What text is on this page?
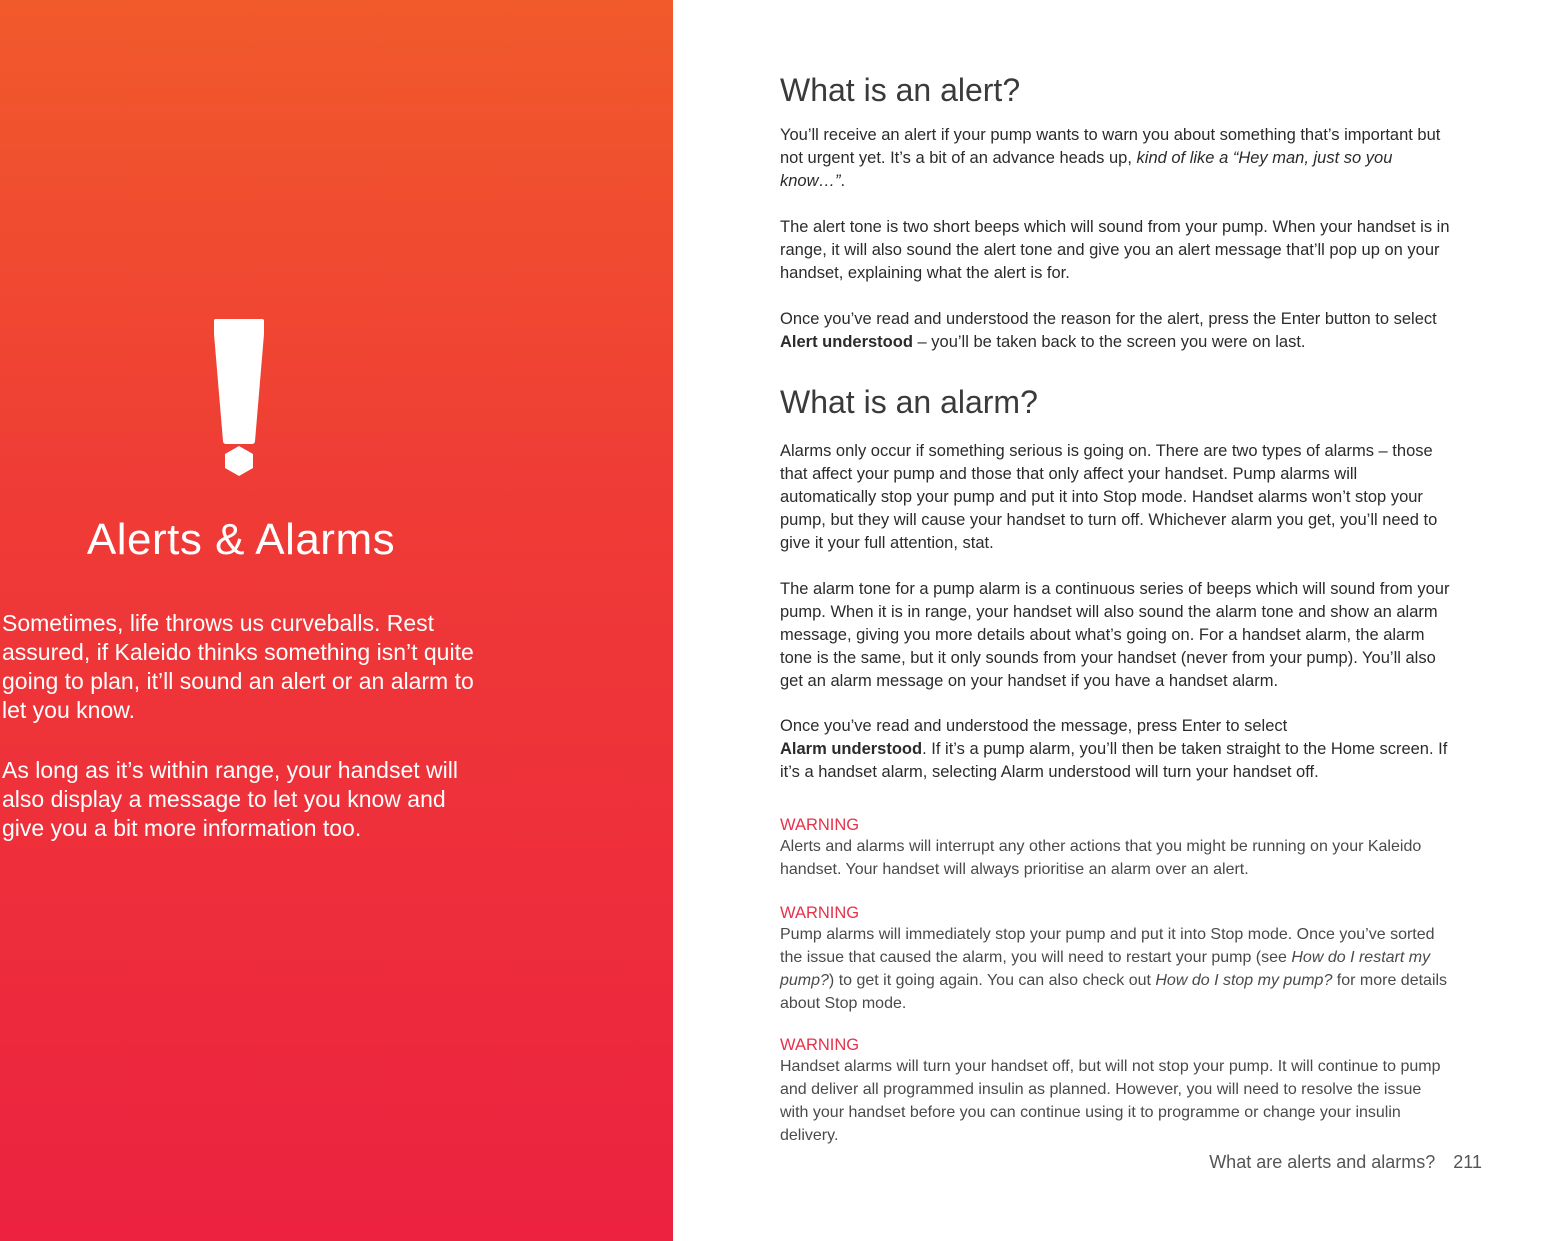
Alerts & Alarms

Sometimes, life throws us curveballs. Rest assured, if Kaleido thinks something isn’t quite going to plan, it’ll sound an alert or an alarm to let you know.

As long as it’s within range, your handset will also display a message to let you know and give you a bit more information too.

What is an alert?

You’ll receive an alert if your pump wants to warn you about something that’s important but not urgent yet. It’s a bit of an advance heads up, kind of like a “Hey man, just so you know…”.

The alert tone is two short beeps which will sound from your pump. When your handset is in range, it will also sound the alert tone and give you an alert message that’ll pop up on your handset, explaining what the alert is for.

Once you’ve read and understood the reason for the alert, press the Enter button to select Alert understood – you’ll be taken back to the screen you were on last.

What is an alarm?

Alarms only occur if something serious is going on. There are two types of alarms – those that affect your pump and those that only affect your handset. Pump alarms will automatically stop your pump and put it into Stop mode. Handset alarms won’t stop your pump, but they will cause your handset to turn off. Whichever alarm you get, you’ll need to give it your full attention, stat.

The alarm tone for a pump alarm is a continuous series of beeps which will sound from your pump. When it is in range, your handset will also sound the alarm tone and show an alarm message, giving you more details about what’s going on. For a handset alarm, the alarm tone is the same, but it only sounds from your handset (never from your pump). You’ll also get an alarm message on your handset if you have a handset alarm.

Once you’ve read and understood the message, press Enter to select
Alarm understood. If it’s a pump alarm, you’ll then be taken straight to the Home screen. If it’s a handset alarm, selecting Alarm understood will turn your handset off.

WARNING

Alerts and alarms will interrupt any other actions that you might be running on your Kaleido handset. Your handset will always prioritise an alarm over an alert.

WARNING

Pump alarms will immediately stop your pump and put it into Stop mode. Once you’ve sorted the issue that caused the alarm, you will need to restart your pump (see How do I restart my pump?) to get it going again. You can also check out How do I stop my pump? for more details about Stop mode.

WARNING

Handset alarms will turn your handset off, but will not stop your pump. It will continue to pump and deliver all programmed insulin as planned. However, you will need to resolve the issue with your handset before you can continue using it to programme or change your insulin delivery.

What are alerts and alarms? 211
